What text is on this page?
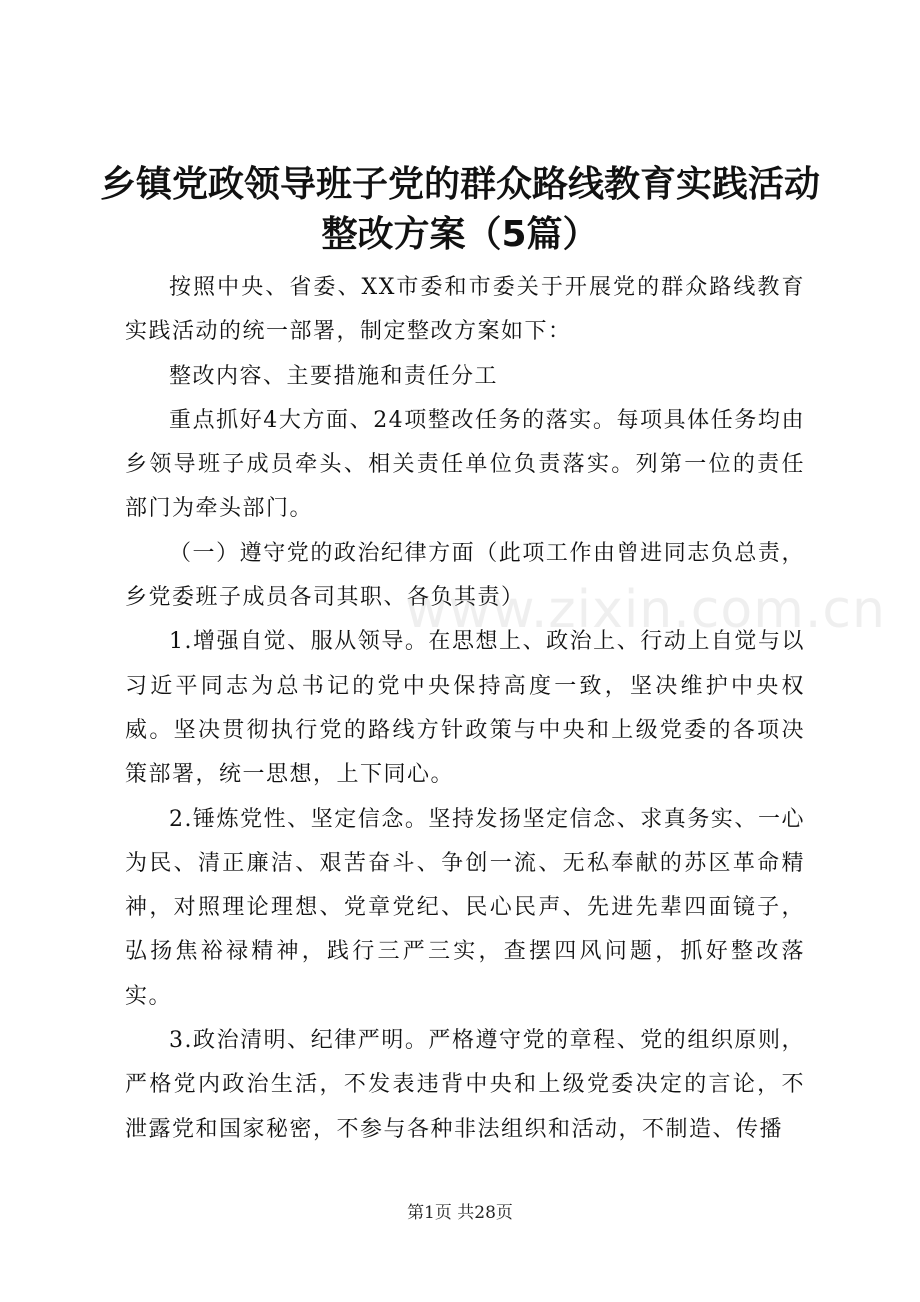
乡镇党政领导班子党的群众路线教育实践活动
整改方案（5篇）

按照中央、省委、XX市委和市委关于开展党的群众路线教育实践活动的统一部署，制定整改方案如下：

整改内容、主要措施和责任分工

重点抓好4大方面、24项整改任务的落实。每项具体任务均由乡领导班子成员牵头、相关责任单位负责落实。列第一位的责任部门为牵头部门。

（一）遵守党的政治纪律方面（此项工作由曾进同志负总责，乡党委班子成员各司其职、各负其责）

1.增强自觉、服从领导。在思想上、政治上、行动上自觉与以习近平同志为总书记的党中央保持高度一致，坚决维护中央权威。坚决贯彻执行党的路线方针政策与中央和上级党委的各项决策部署，统一思想，上下同心。

2.锤炼党性、坚定信念。坚持发扬坚定信念、求真务实、一心为民、清正廉洁、艰苦奋斗、争创一流、无私奉献的苏区革命精神，对照理论理想、党章党纪、民心民声、先进先辈四面镜子，弘扬焦裕禄精神，践行三严三实，查摆四风问题，抓好整改落实。

3.政治清明、纪律严明。严格遵守党的章程、党的组织原则，严格党内政治生活，不发表违背中央和上级党委决定的言论，不泄露党和国家秘密，不参与各种非法组织和活动，不制造、传播

www.zixin.com.cn
第1页 共28页
